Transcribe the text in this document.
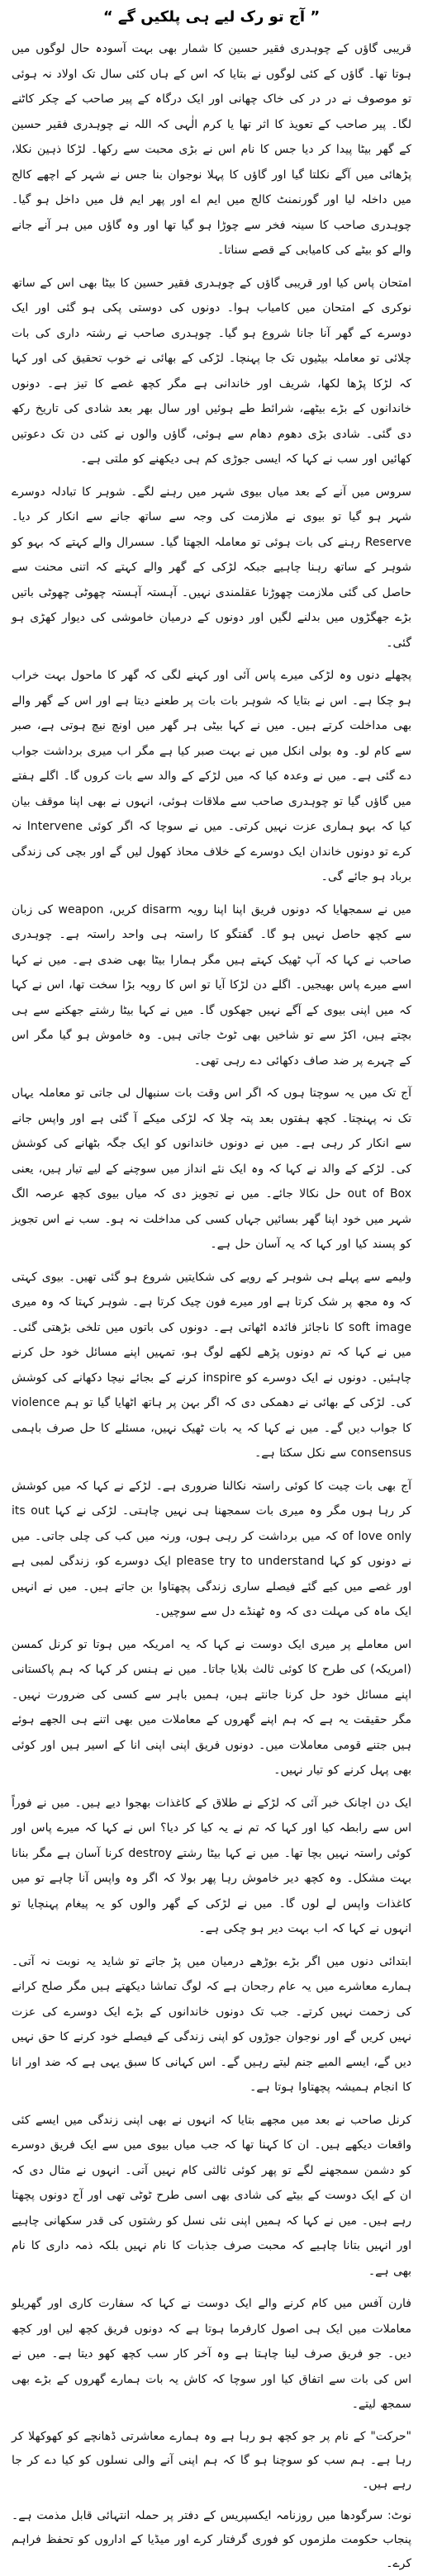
” آج تو رک لیے ہی پلکیں گے “

قریبی گاؤں کے چوہدری فقیر حسین کا شمار بھی بہت آسودہ حال لوگوں میں ہوتا تھا۔ گاؤں کے کئی لوگوں نے بتایا کہ اس کے ہاں کئی سال تک اولاد نہ ہوئی تو موصوف نے در در کی خاک چھانی اور ایک درگاہ کے پیر صاحب کے چکر کاٹنے لگا۔ پیر صاحب کے تعویذ کا اثر تھا یا کرم الٰہی کہ اللہ نے چوہدری فقیر حسین کے گھر بیٹا پیدا کر دیا جس کا نام اس نے بڑی محبت سے رکھا۔ لڑکا ذہین نکلا، پڑھائی میں آگے نکلتا گیا اور گاؤں کا پہلا نوجوان بنا جس نے شہر کے اچھے کالج میں داخلہ لیا اور گورنمنٹ کالج میں ایم اے اور پھر ایم فل میں داخل ہو گیا۔ چوہدری صاحب کا سینہ فخر سے چوڑا ہو گیا تھا اور وہ گاؤں میں ہر آنے جانے والے کو بیٹے کی کامیابی کے قصے سناتا۔

امتحان پاس کیا اور قریبی گاؤں کے چوہدری فقیر حسین کا بیٹا بھی اس کے ساتھ نوکری کے امتحان میں کامیاب ہوا۔ دونوں کی دوستی پکی ہو گئی اور ایک دوسرے کے گھر آنا جانا شروع ہو گیا۔ چوہدری صاحب نے رشتہ داری کی بات چلائی تو معاملہ بیٹیوں تک جا پہنچا۔ لڑکی کے بھائی نے خوب تحقیق کی اور کہا کہ لڑکا پڑھا لکھا، شریف اور خاندانی ہے مگر کچھ غصے کا تیز ہے۔ دونوں خاندانوں کے بڑے بیٹھے، شرائط طے ہوئیں اور سال بھر بعد شادی کی تاریخ رکھ دی گئی۔ شادی بڑی دھوم دھام سے ہوئی، گاؤں والوں نے کئی دن تک دعوتیں کھائیں اور سب نے کہا کہ ایسی جوڑی کم ہی دیکھنے کو ملتی ہے۔

سروس میں آنے کے بعد میاں بیوی شہر میں رہنے لگے۔ شوہر کا تبادلہ دوسرے شہر ہو گیا تو بیوی نے ملازمت کی وجہ سے ساتھ جانے سے انکار کر دیا۔ Reserve رہنے کی بات ہوئی تو معاملہ الجھتا گیا۔ سسرال والے کہتے کہ بہو کو شوہر کے ساتھ رہنا چاہیے جبکہ لڑکی کے گھر والے کہتے کہ اتنی محنت سے حاصل کی گئی ملازمت چھوڑنا عقلمندی نہیں۔ آہستہ آہستہ چھوٹی چھوٹی باتیں بڑے جھگڑوں میں بدلنے لگیں اور دونوں کے درمیان خاموشی کی دیوار کھڑی ہو گئی۔

پچھلے دنوں وہ لڑکی میرے پاس آئی اور کہنے لگی کہ گھر کا ماحول بہت خراب ہو چکا ہے۔ اس نے بتایا کہ شوہر بات بات پر طعنے دیتا ہے اور اس کے گھر والے بھی مداخلت کرتے ہیں۔ میں نے کہا بیٹی ہر گھر میں اونچ نیچ ہوتی ہے، صبر سے کام لو۔ وہ بولی انکل میں نے بہت صبر کیا ہے مگر اب میری برداشت جواب دے گئی ہے۔ میں نے وعدہ کیا کہ میں لڑکے کے والد سے بات کروں گا۔ اگلے ہفتے میں گاؤں گیا تو چوہدری صاحب سے ملاقات ہوئی، انہوں نے بھی اپنا موقف بیان کیا کہ بہو ہماری عزت نہیں کرتی۔ میں نے سوچا کہ اگر کوئی Intervene نہ کرے تو دونوں خاندان ایک دوسرے کے خلاف محاذ کھول لیں گے اور بچی کی زندگی برباد ہو جائے گی۔

میں نے سمجھایا کہ دونوں فریق اپنا اپنا رویہ disarm کریں، weapon کی زبان سے کچھ حاصل نہیں ہو گا۔ گفتگو کا راستہ ہی واحد راستہ ہے۔ چوہدری صاحب نے کہا کہ آپ ٹھیک کہتے ہیں مگر ہمارا بیٹا بھی ضدی ہے۔ میں نے کہا اسے میرے پاس بھیجیں۔ اگلے دن لڑکا آیا تو اس کا رویہ بڑا سخت تھا، اس نے کہا کہ میں اپنی بیوی کے آگے نہیں جھکوں گا۔ میں نے کہا بیٹا رشتے جھکنے سے ہی بچتے ہیں، اکڑ سے تو شاخیں بھی ٹوٹ جاتی ہیں۔ وہ خاموش ہو گیا مگر اس کے چہرے پر ضد صاف دکھائی دے رہی تھی۔

آج تک میں یہ سوچتا ہوں کہ اگر اس وقت بات سنبھال لی جاتی تو معاملہ یہاں تک نہ پہنچتا۔ کچھ ہفتوں بعد پتہ چلا کہ لڑکی میکے آ گئی ہے اور واپس جانے سے انکار کر رہی ہے۔ میں نے دونوں خاندانوں کو ایک جگہ بٹھانے کی کوشش کی۔ لڑکے کے والد نے کہا کہ وہ ایک نئے انداز میں سوچنے کے لیے تیار ہیں، یعنی out of Box حل نکالا جائے۔ میں نے تجویز دی کہ میاں بیوی کچھ عرصہ الگ شہر میں خود اپنا گھر بسائیں جہاں کسی کی مداخلت نہ ہو۔ سب نے اس تجویز کو پسند کیا اور کہا کہ یہ آسان حل ہے۔

ولیمے سے پہلے ہی شوہر کے رویے کی شکایتیں شروع ہو گئی تھیں۔ بیوی کہتی کہ وہ مجھ پر شک کرتا ہے اور میرے فون چیک کرتا ہے۔ شوہر کہتا کہ وہ میری soft image کا ناجائز فائدہ اٹھاتی ہے۔ دونوں کی باتوں میں تلخی بڑھتی گئی۔ میں نے کہا کہ تم دونوں پڑھے لکھے لوگ ہو، تمہیں اپنے مسائل خود حل کرنے چاہئیں۔ دونوں نے ایک دوسرے کو inspire کرنے کے بجائے نیچا دکھانے کی کوشش کی۔ لڑکی کے بھائی نے دھمکی دی کہ اگر بہن پر ہاتھ اٹھایا گیا تو ہم violence کا جواب دیں گے۔ میں نے کہا کہ یہ بات ٹھیک نہیں، مسئلے کا حل صرف باہمی consensus سے نکل سکتا ہے۔

آج بھی بات چیت کا کوئی راستہ نکالنا ضروری ہے۔ لڑکے نے کہا کہ میں کوشش کر رہا ہوں مگر وہ میری بات سمجھنا ہی نہیں چاہتی۔ لڑکی نے کہا its out of love only کہ میں برداشت کر رہی ہوں، ورنہ میں کب کی چلی جاتی۔ میں نے دونوں کو کہا please try to understand ایک دوسرے کو، زندگی لمبی ہے اور غصے میں کیے گئے فیصلے ساری زندگی پچھتاوا بن جاتے ہیں۔ میں نے انہیں ایک ماہ کی مہلت دی کہ وہ ٹھنڈے دل سے سوچیں۔

اس معاملے پر میری ایک دوست نے کہا کہ یہ امریکہ میں ہوتا تو کرنل کمسن (امریکہ) کی طرح کا کوئی ثالث بلایا جاتا۔ میں نے ہنس کر کہا کہ ہم پاکستانی اپنے مسائل خود حل کرنا جانتے ہیں، ہمیں باہر سے کسی کی ضرورت نہیں۔ مگر حقیقت یہ ہے کہ ہم اپنے گھروں کے معاملات میں بھی اتنے ہی الجھے ہوئے ہیں جتنے قومی معاملات میں۔ دونوں فریق اپنی اپنی انا کے اسیر ہیں اور کوئی بھی پہل کرنے کو تیار نہیں۔

ایک دن اچانک خبر آئی کہ لڑکے نے طلاق کے کاغذات بھجوا دیے ہیں۔ میں نے فوراً اس سے رابطہ کیا اور کہا کہ تم نے یہ کیا کر دیا؟ اس نے کہا کہ میرے پاس اور کوئی راستہ نہیں بچا تھا۔ میں نے کہا بیٹا رشتے destroy کرنا آسان ہے مگر بنانا بہت مشکل۔ وہ کچھ دیر خاموش رہا پھر بولا کہ اگر وہ واپس آنا چاہے تو میں کاغذات واپس لے لوں گا۔ میں نے لڑکی کے گھر والوں کو یہ پیغام پہنچایا تو انہوں نے کہا کہ اب بہت دیر ہو چکی ہے۔

ابتدائی دنوں میں اگر بڑے بوڑھے درمیان میں پڑ جاتے تو شاید یہ نوبت نہ آتی۔ ہمارے معاشرے میں یہ عام رجحان ہے کہ لوگ تماشا دیکھتے ہیں مگر صلح کرانے کی زحمت نہیں کرتے۔ جب تک دونوں خاندانوں کے بڑے ایک دوسرے کی عزت نہیں کریں گے اور نوجوان جوڑوں کو اپنی زندگی کے فیصلے خود کرنے کا حق نہیں دیں گے، ایسے المیے جنم لیتے رہیں گے۔ اس کہانی کا سبق یہی ہے کہ ضد اور انا کا انجام ہمیشہ پچھتاوا ہوتا ہے۔

کرنل صاحب نے بعد میں مجھے بتایا کہ انہوں نے بھی اپنی زندگی میں ایسے کئی واقعات دیکھے ہیں۔ ان کا کہنا تھا کہ جب میاں بیوی میں سے ایک فریق دوسرے کو دشمن سمجھنے لگے تو پھر کوئی ثالثی کام نہیں آتی۔ انہوں نے مثال دی کہ ان کے ایک دوست کے بیٹے کی شادی بھی اسی طرح ٹوٹی تھی اور آج دونوں پچھتا رہے ہیں۔ میں نے کہا کہ ہمیں اپنی نئی نسل کو رشتوں کی قدر سکھانی چاہیے اور انہیں بتانا چاہیے کہ محبت صرف جذبات کا نام نہیں بلکہ ذمہ داری کا نام بھی ہے۔

فارن آفس میں کام کرنے والے ایک دوست نے کہا کہ سفارت کاری اور گھریلو معاملات میں ایک ہی اصول کارفرما ہوتا ہے کہ دونوں فریق کچھ لیں اور کچھ دیں۔ جو فریق صرف لینا چاہتا ہے وہ آخر کار سب کچھ کھو دیتا ہے۔ میں نے اس کی بات سے اتفاق کیا اور سوچا کہ کاش یہ بات ہمارے گھروں کے بڑے بھی سمجھ لیتے۔

"حرکت" کے نام پر جو کچھ ہو رہا ہے وہ ہمارے معاشرتی ڈھانچے کو کھوکھلا کر رہا ہے۔ ہم سب کو سوچنا ہو گا کہ ہم اپنی آنے والی نسلوں کو کیا دے کر جا رہے ہیں۔

نوٹ: سرگودھا میں روزنامہ ایکسپریس کے دفتر پر حملہ انتہائی قابل مذمت ہے۔ پنجاب حکومت ملزموں کو فوری گرفتار کرے اور میڈیا کے اداروں کو تحفظ فراہم کرے۔
